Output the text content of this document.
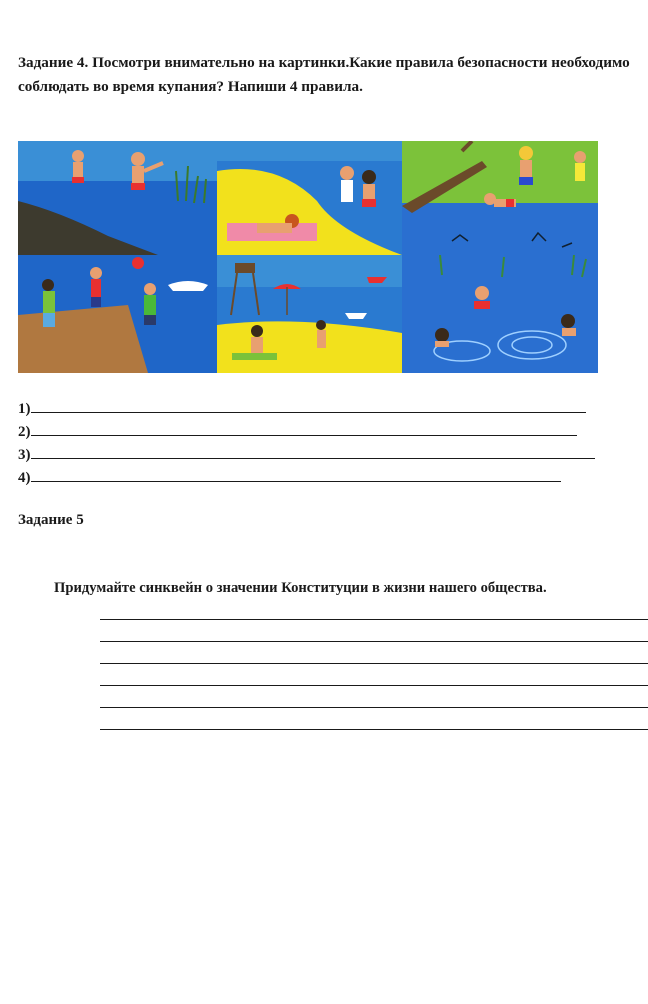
Задание 4. Посмотри внимательно на картинки.Какие правила безопасности необходимо соблюдать во время купания? Напиши 4 правила.

1)
2)
3)
4)

Задание 5

Придумайте синквейн о значении Конституции в жизни нашего общества.
